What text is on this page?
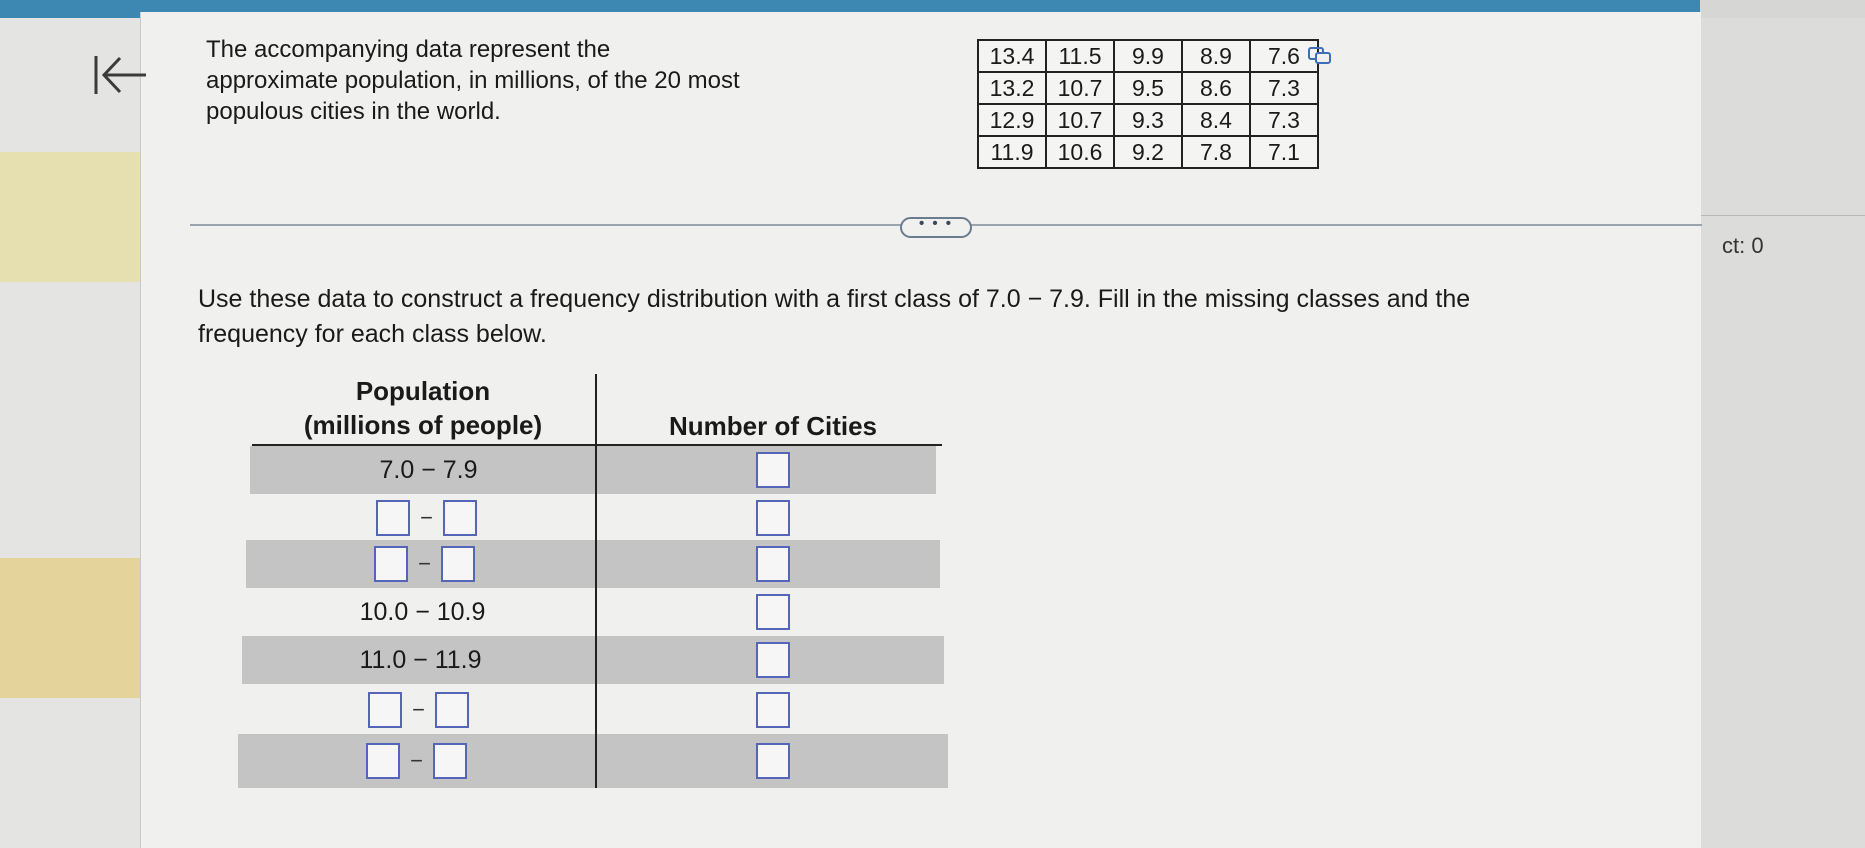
ct: 0
The accompanying data represent the
approximate population, in millions, of the 20 most
populous cities in the world.
13.4	11.5	9.9	8.9	7.6
13.2	10.7	9.5	8.6	7.3
12.9	10.7	9.3	8.4	7.3
11.9	10.6	9.2	7.8	7.1
• • •
Use these data to construct a frequency distribution with a first class of 7.0 − 7.9. Fill in the missing classes and the
frequency for each class below.
Population
(millions of people)	Number of Cities
7.0 − 7.9
−
−
10.0 − 10.9
11.0 − 11.9
−
−
